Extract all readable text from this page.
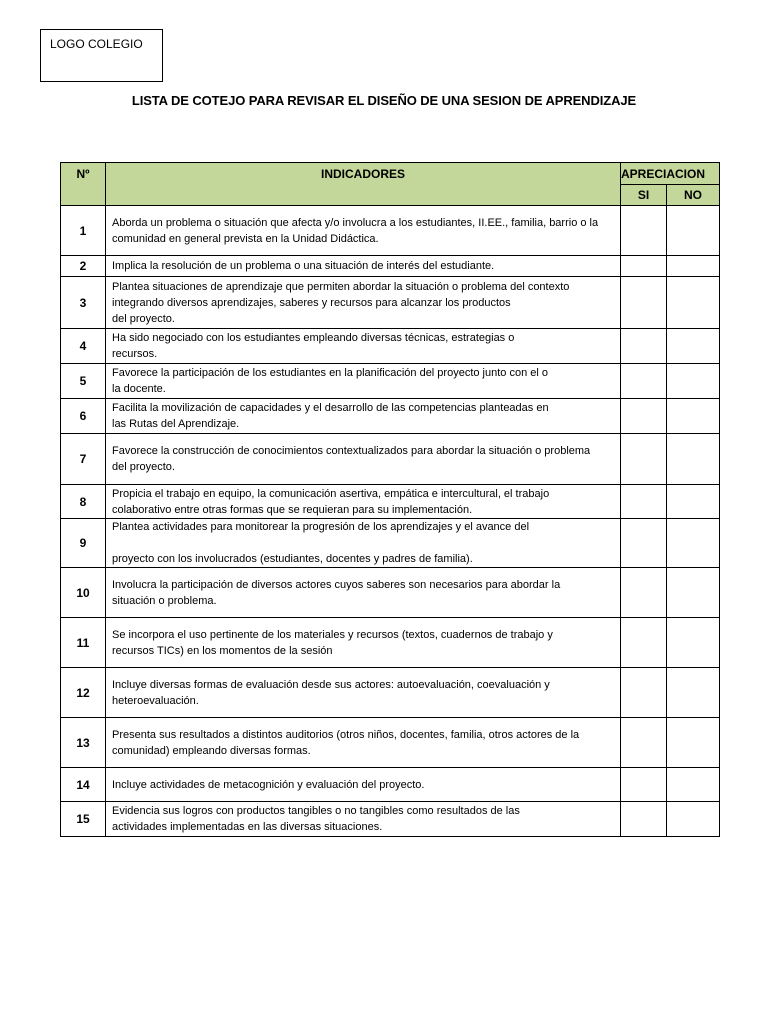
LOGO COLEGIO
LISTA DE COTEJO PARA REVISAR EL DISEÑO DE UNA SESION DE APRENDIZAJE
Nº	INDICADORES	APRECIACION	
		SI	NO
1	Aborda un problema o situación que afecta y/o involucra a los estudiantes, II.EE., familia, barrio o la
comunidad en general prevista en la Unidad Didáctica.		
2	Implica la resolución de un problema o una situación de interés del estudiante.		
3	Plantea situaciones de aprendizaje que permiten abordar la situación o problema del contexto
integrando diversos aprendizajes, saberes y recursos para alcanzar los productos
del proyecto.		
4	Ha sido negociado con los estudiantes empleando diversas técnicas, estrategias o
recursos.		
5	Favorece la participación de los estudiantes en la planificación del proyecto junto con el o
la docente.		
6	Facilita la movilización de capacidades y el desarrollo de las competencias planteadas en
las Rutas del Aprendizaje.		
7	Favorece la construcción de conocimientos contextualizados para abordar la situación o problema
del proyecto.		
8	Propicia el trabajo en equipo, la comunicación asertiva, empática e intercultural, el trabajo
colaborativo entre otras formas que se requieran para su implementación.		
9	Plantea actividades para monitorear la progresión de los aprendizajes y el avance del

proyecto con los involucrados (estudiantes, docentes y padres de familia).		
10	Involucra la participación de diversos actores cuyos saberes son necesarios para abordar la
situación o problema.		
11	Se incorpora el uso pertinente de los materiales y recursos (textos, cuadernos de trabajo y
recursos TICs) en los momentos de la sesión		
12	Incluye diversas formas de evaluación desde sus actores: autoevaluación, coevaluación y
heteroevaluación.		
13	Presenta sus resultados a distintos auditorios (otros niños, docentes, familia, otros actores de la
comunidad) empleando diversas formas.		
14	Incluye actividades de metacognición y evaluación del proyecto.		
15	Evidencia sus logros con productos tangibles o no tangibles como resultados de las
actividades implementadas en las diversas situaciones.		
